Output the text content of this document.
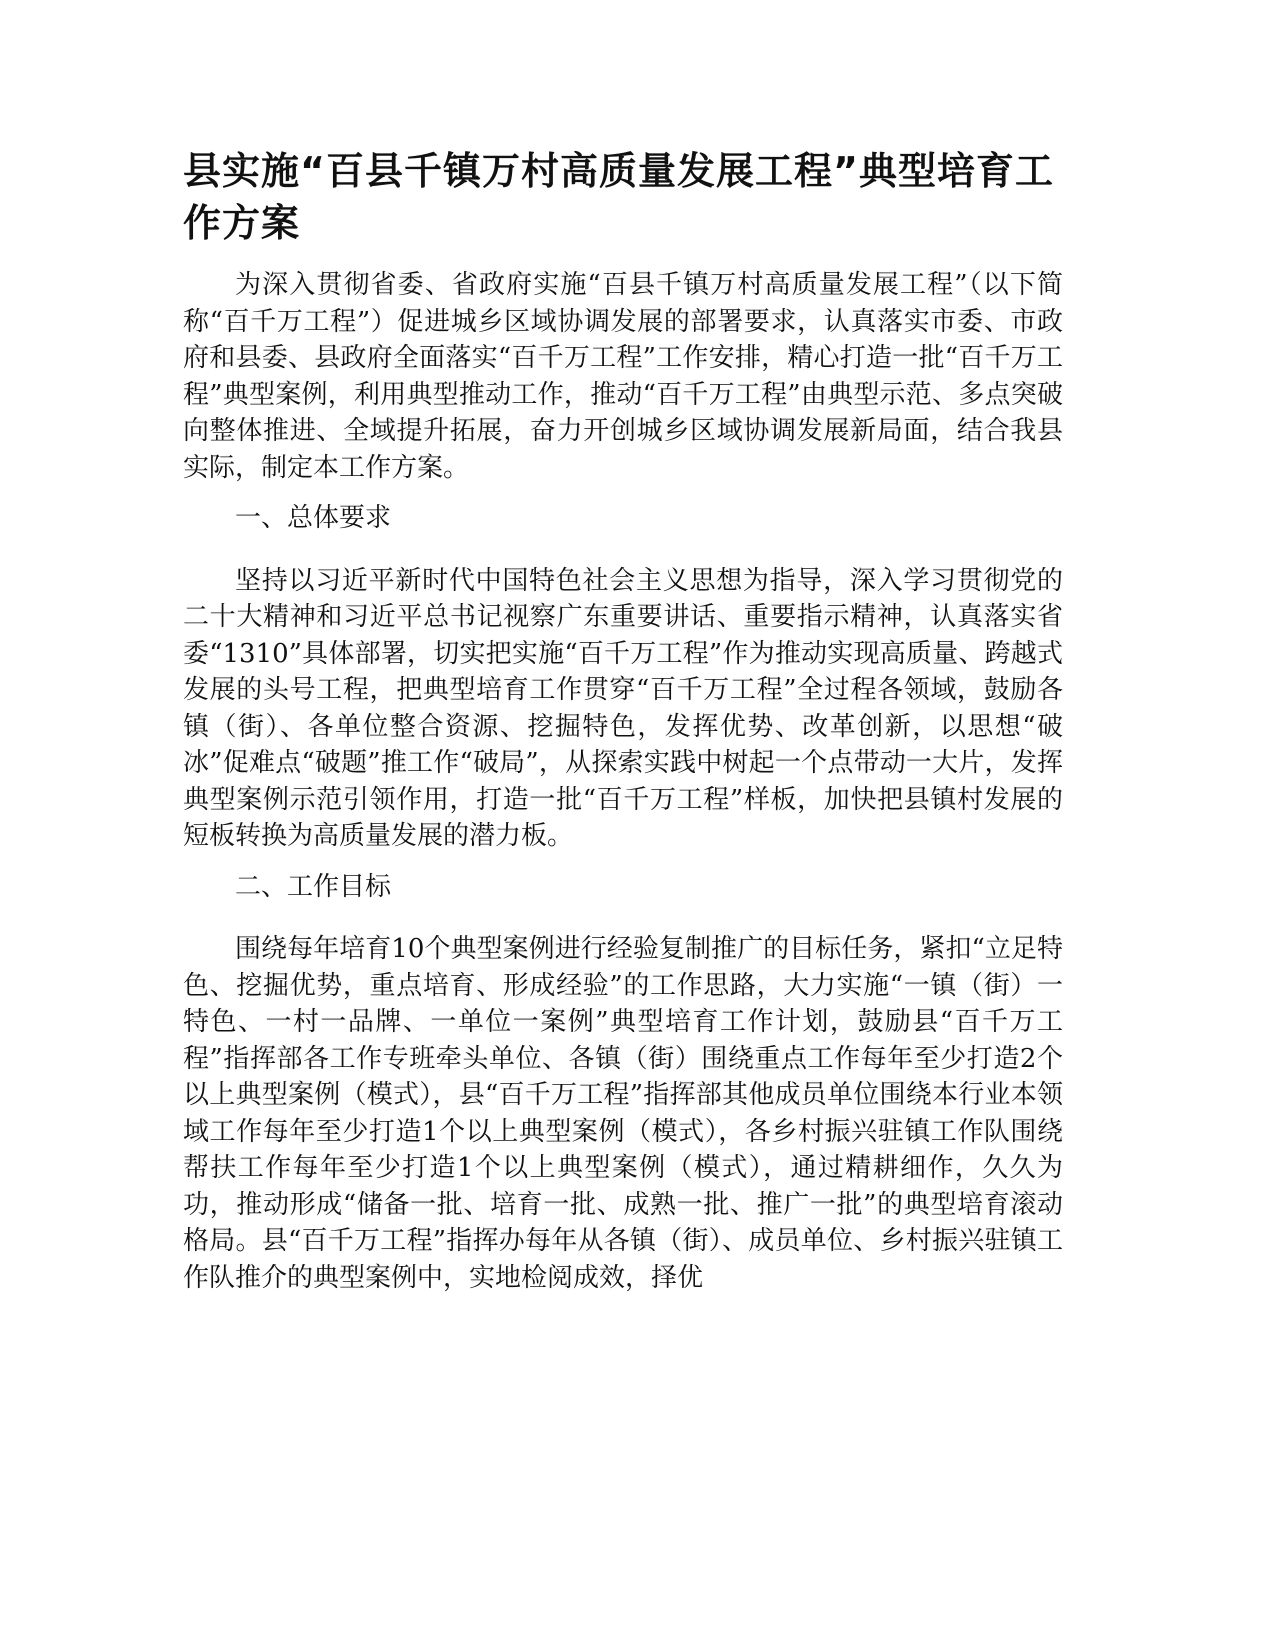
县实施“百县千镇万村高质量发展工程”典型培育工作方案

为深入贯彻省委、省政府实施“百县千镇万村高质量发展工程”（以下简称“百千万工程”）促进城乡区域协调发展的部署要求，认真落实市委、市政府和县委、县政府全面落实“百千万工程”工作安排，精心打造一批“百千万工程”典型案例，利用典型推动工作，推动“百千万工程”由典型示范、多点突破向整体推进、全域提升拓展，奋力开创城乡区域协调发展新局面，结合我县实际，制定本工作方案。

一、总体要求

坚持以习近平新时代中国特色社会主义思想为指导，深入学习贯彻党的二十大精神和习近平总书记视察广东重要讲话、重要指示精神，认真落实省委“1310”具体部署，切实把实施“百千万工程”作为推动实现高质量、跨越式发展的头号工程，把典型培育工作贯穿“百千万工程”全过程各领域，鼓励各镇（街）、各单位整合资源、挖掘特色，发挥优势、改革创新，以思想“破冰”促难点“破题”推工作“破局”，从探索实践中树起一个点带动一大片，发挥典型案例示范引领作用，打造一批“百千万工程”样板，加快把县镇村发展的短板转换为高质量发展的潜力板。

二、工作目标

围绕每年培育10个典型案例进行经验复制推广的目标任务，紧扣“立足特色、挖掘优势，重点培育、形成经验”的工作思路，大力实施“一镇（街）一特色、一村一品牌、一单位一案例”典型培育工作计划，鼓励县“百千万工程”指挥部各工作专班牵头单位、各镇（街）围绕重点工作每年至少打造2个以上典型案例（模式），县“百千万工程”指挥部其他成员单位围绕本行业本领域工作每年至少打造1个以上典型案例（模式），各乡村振兴驻镇工作队围绕帮扶工作每年至少打造1个以上典型案例（模式），通过精耕细作，久久为功，推动形成“储备一批、培育一批、成熟一批、推广一批”的典型培育滚动格局。县“百千万工程”指挥办每年从各镇（街）、成员单位、乡村振兴驻镇工作队推介的典型案例中，实地检阅成效，择优
